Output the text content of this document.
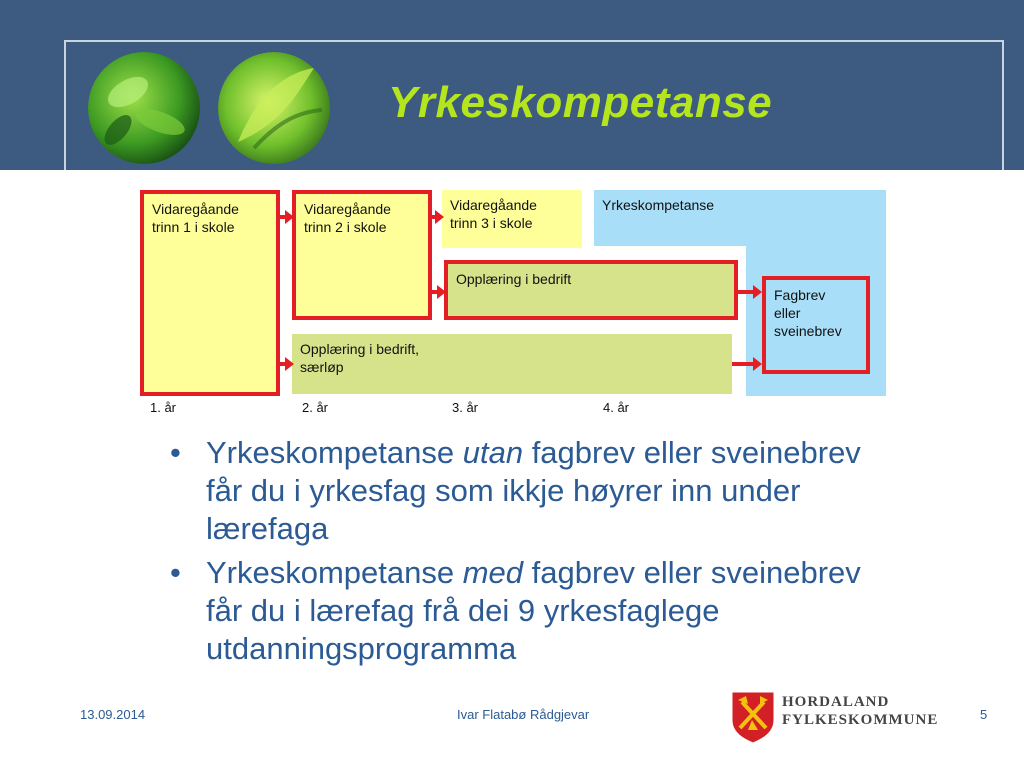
Yrkeskompetanse
Yrkeskompetanse
Vidaregåande
trinn 1 i skole
Vidaregåande
trinn 2 i skole
Vidaregåande
trinn 3 i skole
Opplæring i bedrift
Opplæring i bedrift,
særløp
Fagbrev
eller
sveinebrev
1. år	2. år	3. år	4. år
• Yrkeskompetanse utan fagbrev eller sveinebrev får du i yrkesfag som ikkje høyrer inn under lærefaga
• Yrkeskompetanse med fagbrev eller sveinebrev får du i lærefag frå dei 9 yrkesfaglege utdanningsprogramma
13.09.2014	Ivar Flatabø Rådgjevar	5
HORDALAND
FYLKESKOMMUNE
